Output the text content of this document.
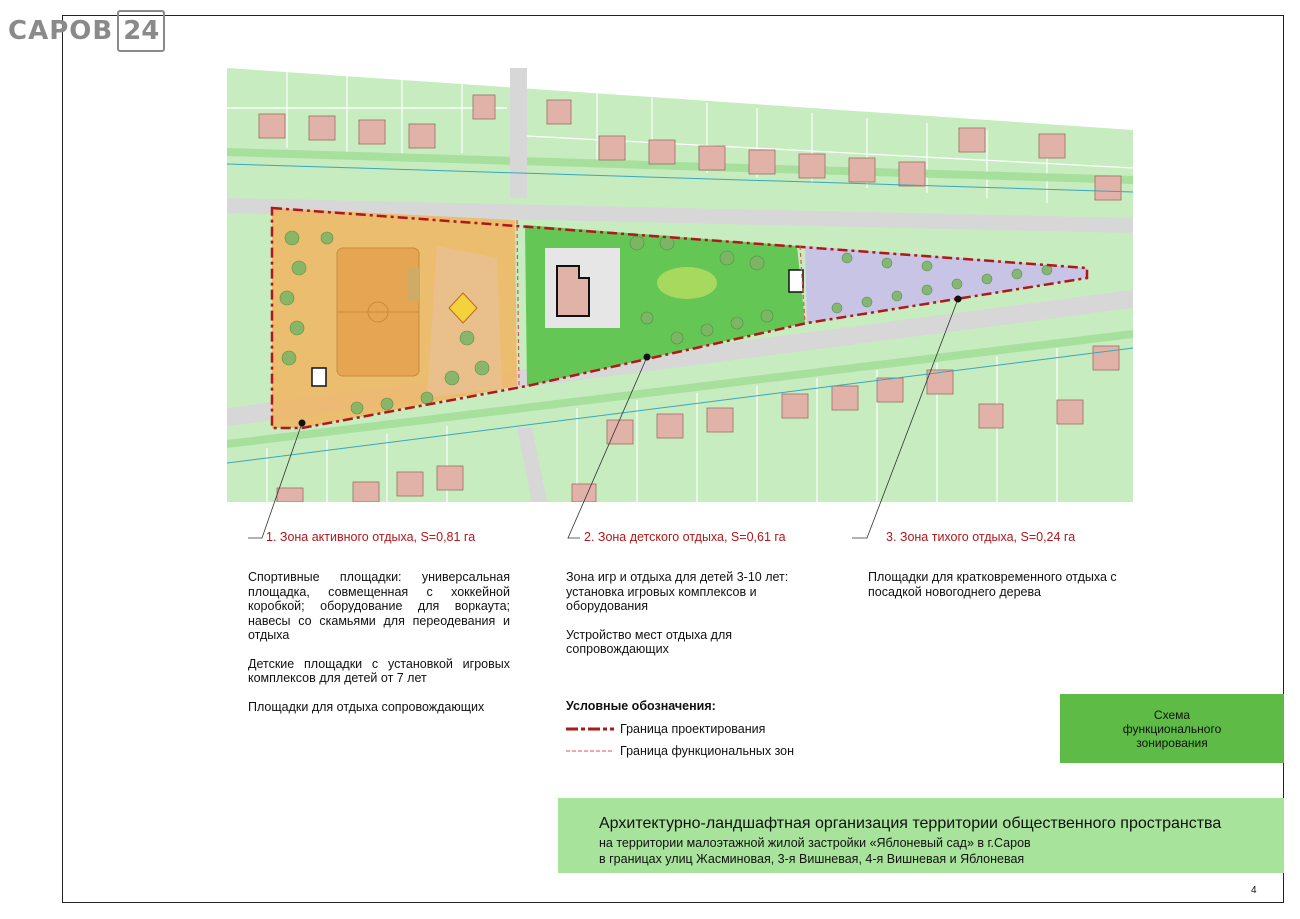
САРОВ 24
1. Зона активного отдыха, S=0,81 га	2. Зона детского отдыха, S=0,61 га	3. Зона тихого отдыха, S=0,24 га

Спортивные площадки: универсальная площадка, совмещенная с хоккейной коробкой; оборудование для воркаута; навесы со скамьями для переодевания и отдыха

Детские площадки с установкой игровых комплексов для детей от 7 лет

Площадки для отдыха сопровождающих

Зона игр и отдыха для детей 3-10 лет: установка игровых комплексов и оборудования

Устройство мест отдыха для сопровождающих

Площадки для кратковременного отдыха с посадкой новогоднего дерева

Условные обозначения:
Граница проектирования
Граница функциональных зон
Схема функционального зонирования
Архитектурно-ландшафтная организация территории общественного пространства
на территории малоэтажной жилой застройки «Яблоневый сад» в г.Саров
в границах улиц Жасминовая, 3-я Вишневая, 4-я Вишневая и Яблоневая
4
